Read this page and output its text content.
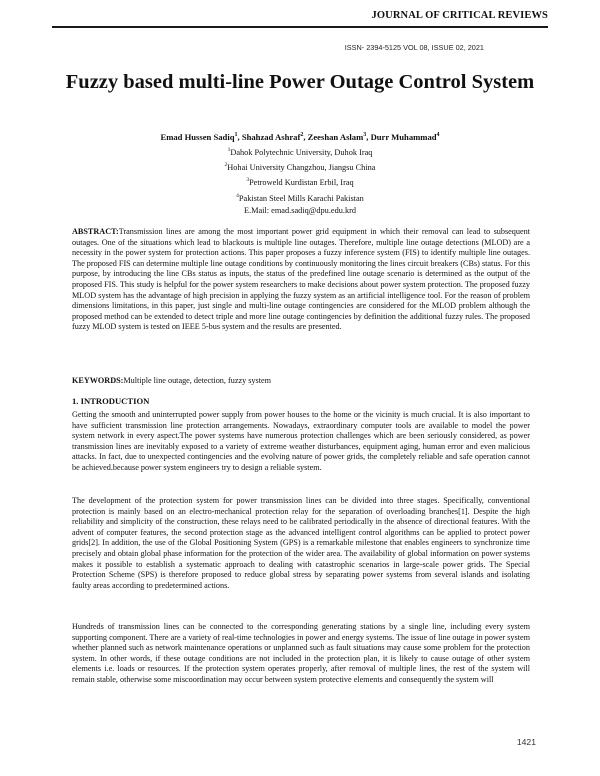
JOURNAL OF CRITICAL REVIEWS
ISSN- 2394-5125 VOL 08, ISSUE 02, 2021
Fuzzy based multi-line Power Outage Control System
Emad Hussen Sadiq$^1$, Shahzad Ashraf$^2$, Zeeshan Aslam$^3$, Durr Muhammad$^4$
$^1$Dahok Polytechnic University, Duhok Iraq
$^2$Hohai University Changzhou, Jiangsu China
$^3$Petroweld Kurdistan Erbil, Iraq
$^4$Pakistan Steel Mills Karachi Pakistan
E.Mail: emad.sadiq@dpu.edu.krd
ABSTRACT:Transmission lines are among the most important power grid equipment in which their removal can lead to subsequent outages. One of the situations which lead to blackouts is multiple line outages. Therefore, multiple line outage detections (MLOD) are a necessity in the power system for protection actions. This paper proposes a fuzzy inference system (FIS) to identify multiple line outages. The proposed FIS can determine multiple line outage conditions by continuously monitoring the lines circuit breakers (CBs) status. For this purpose, by introducing the line CBs status as inputs, the status of the predefined line outage scenario is determined as the output of the proposed FIS. This study is helpful for the power system researchers to make decisions about power system protection. The proposed fuzzy MLOD system has the advantage of high precision in applying the fuzzy system as an artificial intelligence tool. For the reason of problem dimensions limitations, in this paper, just single and multi-line outage contingencies are considered for the MLOD problem although the proposed method can be extended to detect triple and more line outage contingencies by definition the additional fuzzy rules. The proposed fuzzy MLOD system is tested on IEEE 5-bus system and the results are presented.
KEYWORDS:Multiple line outage, detection, fuzzy system
1. INTRODUCTION
Getting the smooth and uninterrupted power supply from power houses to the home or the vicinity is much crucial. It is also important to have sufficient transmission line protection arrangements. Nowadays, extraordinary computer tools are available to model the power system network in every aspect.The power systems have numerous protection challenges which are been seriously considered, as power transmission lines are inevitably exposed to a variety of extreme weather disturbances, equipment aging, human error and even malicious attacks. In fact, due to unexpected contingencies and the evolving nature of power grids, the completely reliable and safe operation cannot be achieved.because power system engineers try to design a reliable system.
The development of the protection system for power transmission lines can be divided into three stages. Specifically, conventional protection is mainly based on an electro-mechanical protection relay for the separation of overloading branches[1]. Despite the high reliability and simplicity of the construction, these relays need to be calibrated periodically in the absence of directional features. With the advent of computer features, the second protection stage as the advanced intelligent control algorithms can be applied to protect power grids[2]. In addition, the use of the Global Positioning System (GPS) is a remarkable milestone that enables engineers to synchronize time precisely and obtain global phase information for the protection of the wider area. The availability of global information on power systems makes it possible to establish a systematic approach to dealing with catastrophic scenarios in large-scale power grids. The Special Protection Scheme (SPS) is therefore proposed to reduce global stress by separating power systems from several islands and isolating faulty areas according to predetermined actions.
Hundreds of transmission lines can be connected to the corresponding generating stations by a single line, including every system supporting component. There are a variety of real-time technologies in power and energy systems. The issue of line outage in power system whether planned such as network maintenance operations or unplanned such as fault situations may cause some problem for the protection system. In other words, if these outage conditions are not included in the protection plan, it is likely to cause outage of other system elements i.e. loads or resources. If the protection system operates properly, after removal of multiple lines, the rest of the system will remain stable, otherwise some miscoordination may occur between system protective elements and consequently the system will
1421
